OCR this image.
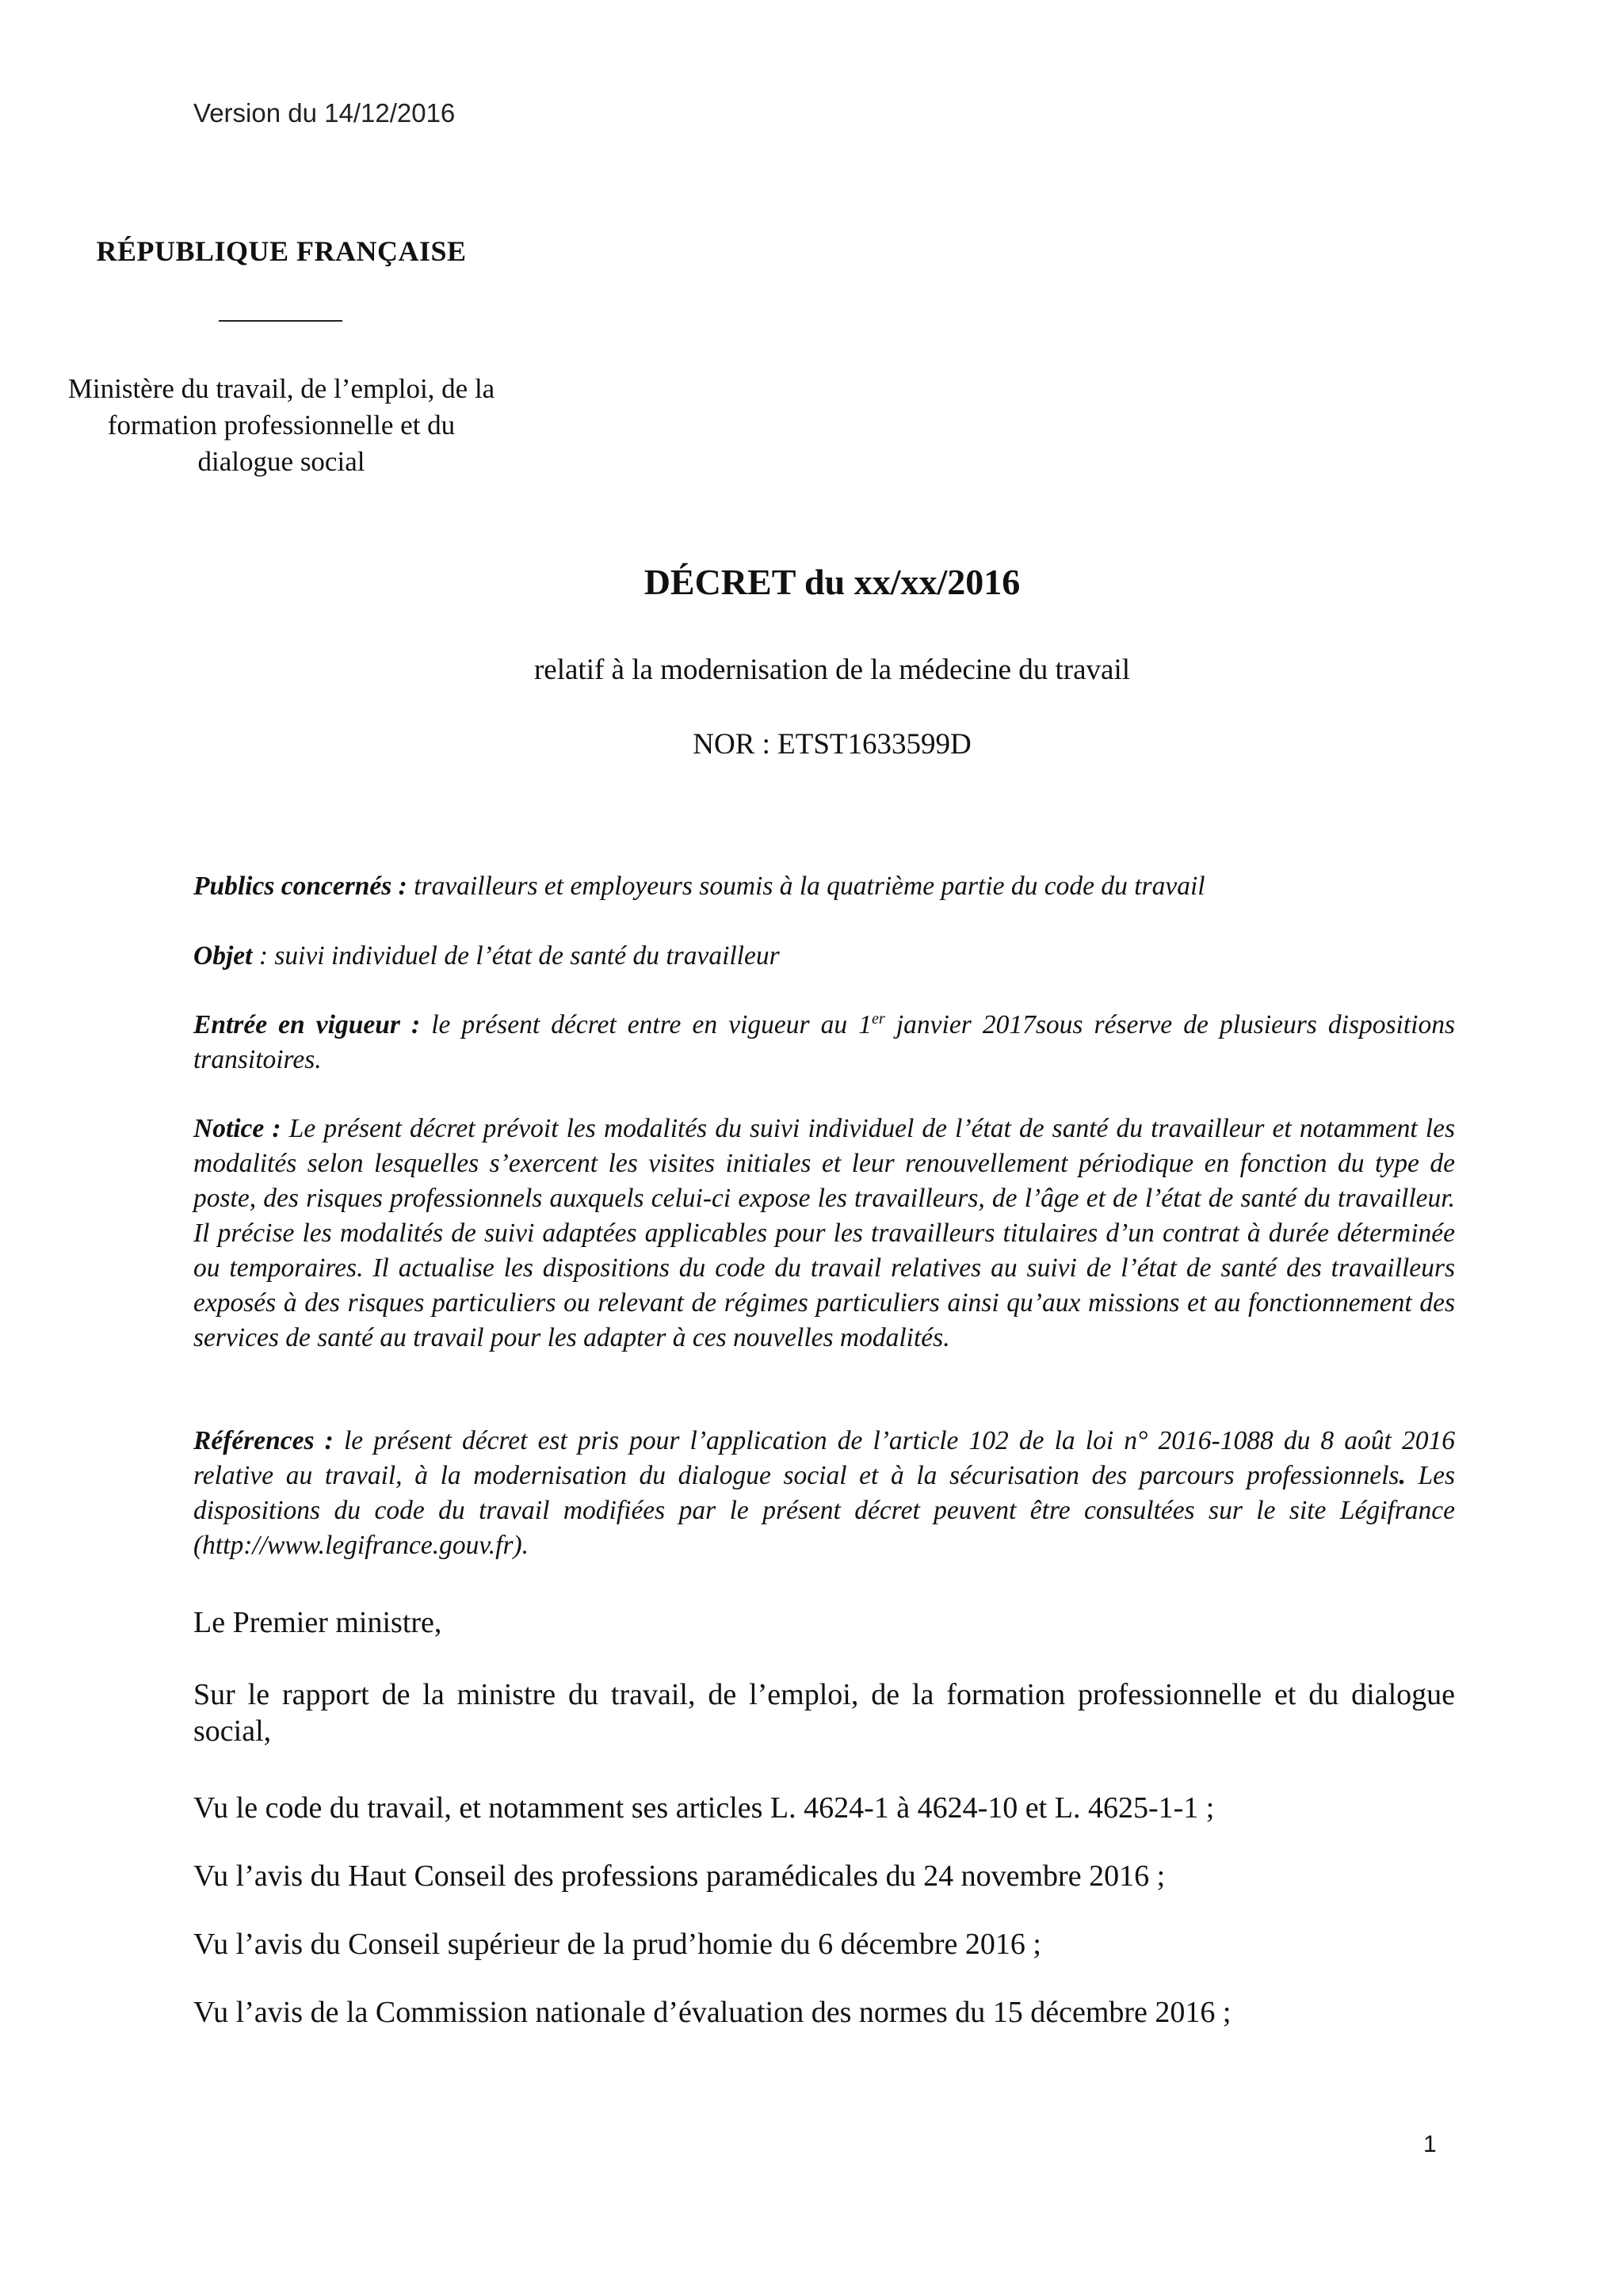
Version du 14/12/2016
RÉPUBLIQUE FRANÇAISE
Ministère du travail, de l’emploi, de la
formation professionnelle et du
dialogue social
DÉCRET du xx/xx/2016
relatif à la modernisation de la médecine du travail
NOR : ETST1633599D
Publics concernés : travailleurs et employeurs soumis à la quatrième partie du code du travail
Objet : suivi individuel de l’état de santé du travailleur
Entrée en vigueur : le présent décret entre en vigueur au 1er janvier 2017sous réserve de plusieurs dispositions transitoires.
Notice : Le présent décret prévoit les modalités du suivi individuel de l’état de santé du travailleur et notamment les modalités selon lesquelles s’exercent les visites initiales et leur renouvellement périodique en fonction du type de poste, des risques professionnels auxquels celui-ci expose les travailleurs, de l’âge et de l’état de santé du travailleur. Il précise les modalités de suivi adaptées applicables pour les travailleurs titulaires d’un contrat à durée déterminée ou temporaires. Il actualise les dispositions du code du travail relatives au suivi de l’état de santé des travailleurs exposés à des risques particuliers ou relevant de régimes particuliers ainsi qu’aux missions et au fonctionnement des services de santé au travail pour les adapter à ces nouvelles modalités.
Références : le présent décret est pris pour l’application de l’article 102 de la loi n° 2016-1088 du 8 août 2016 relative au travail, à la modernisation du dialogue social et à la sécurisation des parcours professionnels. Les dispositions du code du travail modifiées par le présent décret peuvent être consultées sur le site Légifrance (http://www.legifrance.gouv.fr).
Le Premier ministre,
Sur le rapport de la ministre du travail, de l’emploi, de la formation professionnelle et du dialogue social,
Vu le code du travail, et notamment ses articles L. 4624-1 à 4624-10 et L. 4625-1-1 ;
Vu l’avis du Haut Conseil des professions paramédicales du 24 novembre 2016 ;
Vu l’avis du Conseil supérieur de la prud’homie du 6 décembre 2016 ;
Vu l’avis de la Commission nationale d’évaluation des normes du 15 décembre 2016 ;
1
